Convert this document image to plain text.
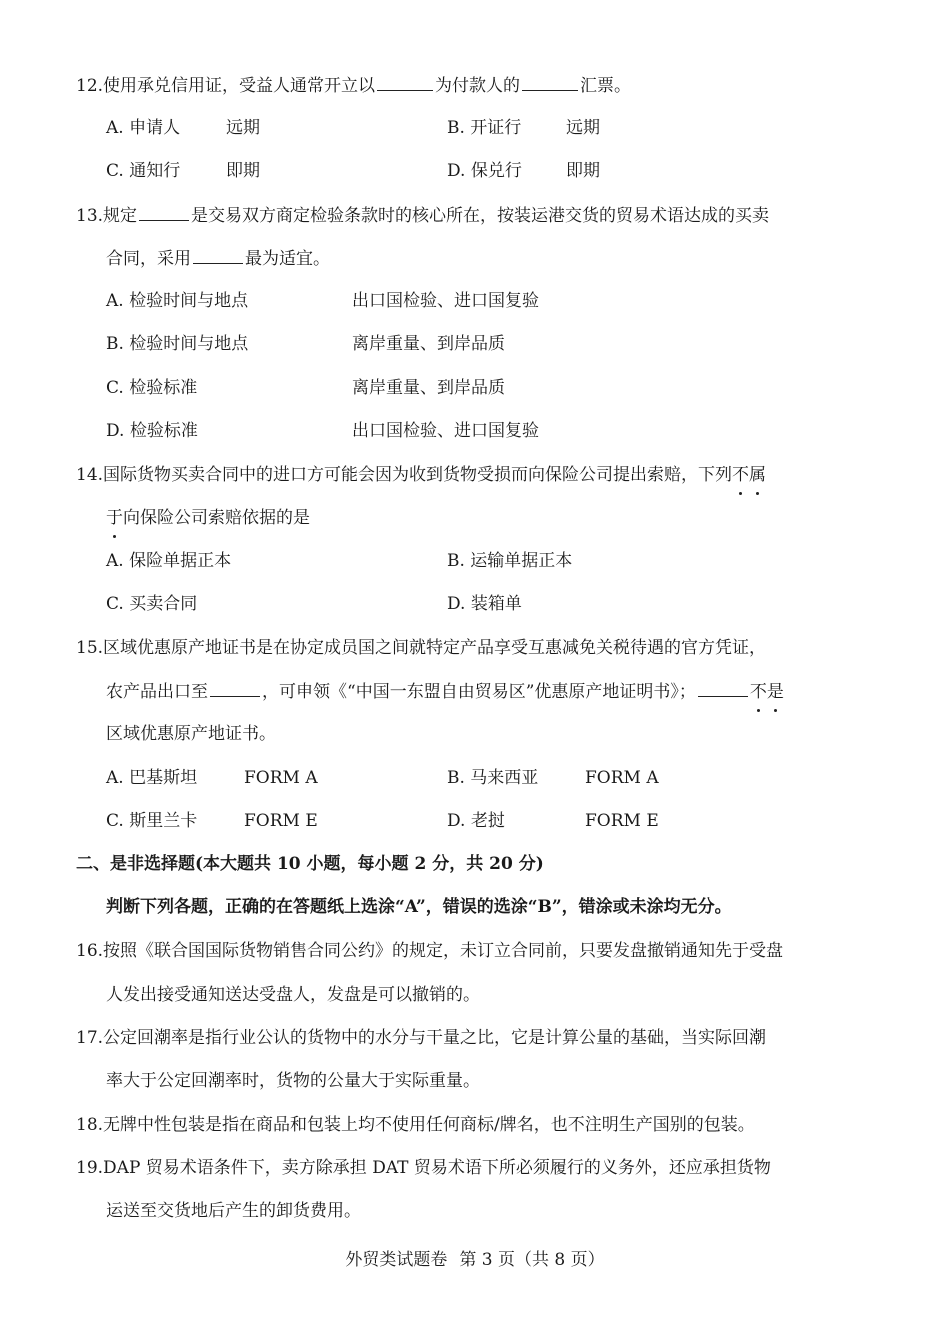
12.使用承兑信用证，受益人通常开立以	为付款人的	汇票。
A. 申请人	远期	B. 开证行	远期
C. 通知行	即期	D. 保兑行	即期
13.规定	是交易双方商定检验条款时的核心所在，按装运港交货的贸易术语达成的买卖
合同，采用	最为适宜。
A. 检验时间与地点	出口国检验、进口国复验
B. 检验时间与地点	离岸重量、到岸品质
C. 检验标准	离岸重量、到岸品质
D. 检验标准	出口国检验、进口国复验
14.国际货物买卖合同中的进口方可能会因为收到货物受损而向保险公司提出索赔，下列不属
于向保险公司索赔依据的是
A. 保险单据正本	B. 运输单据正本
C. 买卖合同	D. 装箱单
15.区域优惠原产地证书是在协定成员国之间就特定产品享受互惠减免关税待遇的官方凭证，
农产品出口至	，可申领《“中国一东盟自由贸易区”优惠原产地证明书》；	不是
区域优惠原产地证书。
A. 巴基斯坦	FORM A	B. 马来西亚	FORM A
C. 斯里兰卡	FORM E	D. 老挝	FORM E
二、是非选择题(本大题共 10 小题，每小题 2 分，共 20 分)
判断下列各题，正确的在答题纸上选涂“A”，错误的选涂“B”，错涂或未涂均无分。
16.按照《联合国国际货物销售合同公约》的规定，未订立合同前，只要发盘撤销通知先于受盘
人发出接受通知送达受盘人，发盘是可以撤销的。
17.公定回潮率是指行业公认的货物中的水分与干量之比，它是计算公量的基础，当实际回潮
率大于公定回潮率时，货物的公量大于实际重量。
18.无牌中性包装是指在商品和包装上均不使用任何商标/牌名，也不注明生产国别的包装。
19.DAP 贸易术语条件下，卖方除承担 DAT 贸易术语下所必须履行的义务外，还应承担货物
运送至交货地后产生的卸货费用。
外贸类试题卷 第 3 页（共 8 页）
